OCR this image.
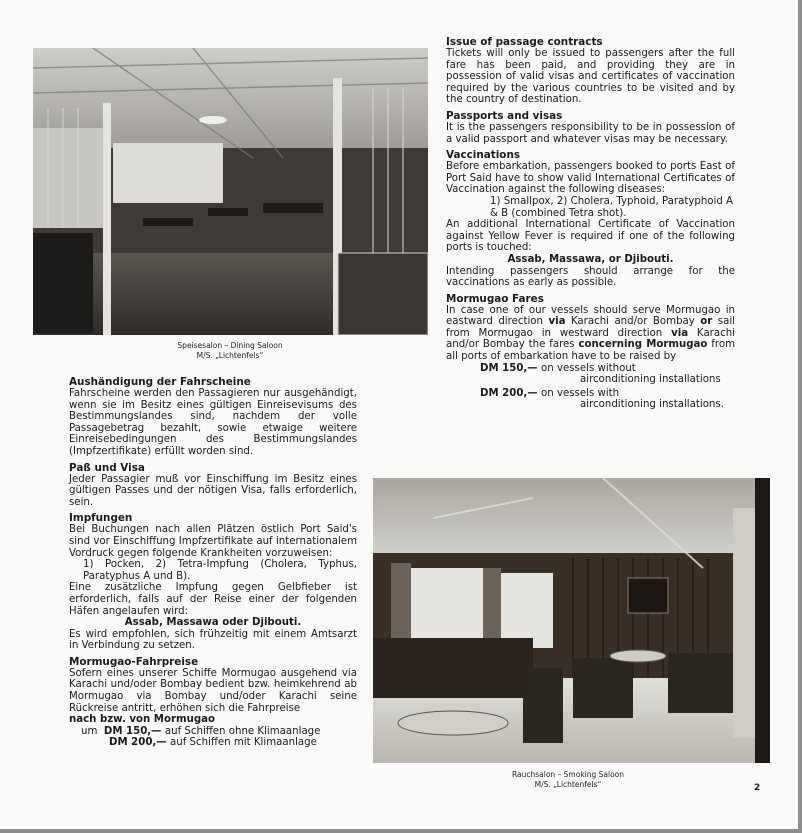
Speisesalon – Dining Saloon
M/S. „Lichtenfels“

Issue of passage contracts

Tickets will only be issued to passengers after the full fare has been paid, and providing they are in possession of valid visas and certificates of vaccination required by the various countries to be visited and by the country of destination.

Passports and visas

It is the passengers responsibility to be in possession of a valid passport and whatever visas may be necessary.

Vaccinations

Before embarkation, passengers booked to ports East of Port Said have to show valid International Certificates of Vaccination against the following diseases:

1) Smallpox, 2) Cholera, Typhoid, Paratyphoid A & B (combined Tetra shot).

An additional International Certificate of Vaccination against Yellow Fever is required if one of the following ports is touched:

Assab, Massawa, or Djibouti.

Intending passengers should arrange for the vaccinations as early as possible.

Mormugao Fares

In case one of our vessels should serve Mormugao in eastward direction via Karachi and/or Bombay or sail from Mormugao in westward direction via Karachi and/or Bombay the fares concerning Mormugao from all ports of embarkation have to be raised by

DM 150,— on vessels without
airconditioning installations
DM 200,— on vessels with
airconditioning installations.

Aushändigung der Fahrscheine

Fahrscheine werden den Passagieren nur ausgehändigt, wenn sie im Besitz eines gültigen Einreisevisums des Bestimmungslandes sind, nachdem der volle Passagebetrag bezahlt, sowie etwaige weitere Einreisebedingungen des Bestimmungslandes (Impfzertifikate) erfüllt worden sind.

Paß und Visa

Jeder Passagier muß vor Einschiffung im Besitz eines gültigen Passes und der nötigen Visa, falls erforderlich, sein.

Impfungen

Bei Buchungen nach allen Plätzen östlich Port Said's sind vor Einschiffung Impfzertifikate auf internationalem Vordruck gegen folgende Krankheiten vorzuweisen:

1) Pocken, 2) Tetra-Impfung (Cholera, Typhus, Paratyphus A und B).

Eine zusätzliche Impfung gegen Gelbfieber ist erforderlich, falls auf der Reise einer der folgenden Häfen angelaufen wird:

Assab, Massawa oder Djibouti.

Es wird empfohlen, sich frühzeitig mit einem Amtsarzt in Verbindung zu setzen.

Mormugao-Fahrpreise

Sofern eines unserer Schiffe Mormugao ausgehend via Karachi und/oder Bombay bedient bzw. heimkehrend ab Mormugao via Bombay und/oder Karachi seine Rückreise antritt, erhöhen sich die Fahrpreise

nach bzw. von Mormugao

um
DM 150,— auf Schiffen ohne Klimaanlage
DM 200,— auf Schiffen mit Klimaanlage
Rauchsalon – Smoking Saloon
M/S. „Lichtenfels“	2
